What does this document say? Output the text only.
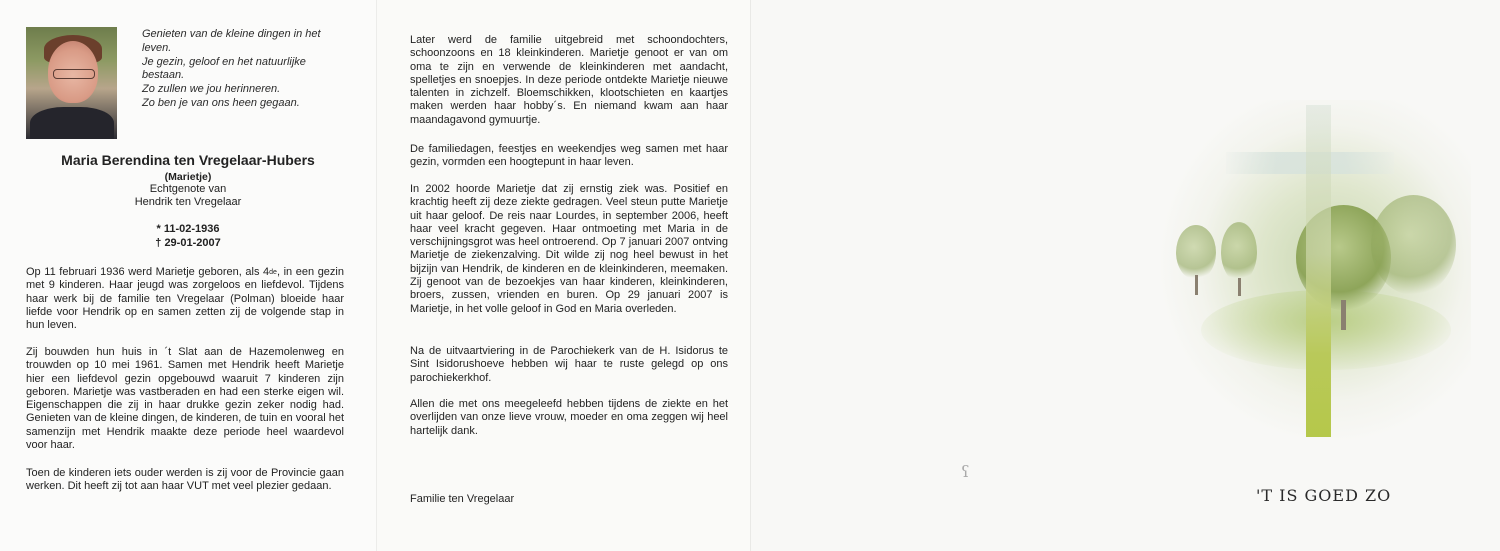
Genieten van de kleine dingen in het
leven.
Je gezin, geloof en het natuurlijke
bestaan.
Zo zullen we jou herinneren.
Zo ben je van ons heen gegaan.
Maria Berendina ten Vregelaar-Hubers
(Marietje)
Echtgenote van
Hendrik ten Vregelaar
* 11-02-1936
† 29-01-2007
Op 11 februari 1936 werd Marietje geboren, als 4de, in een gezin met 9 kinderen. Haar jeugd was zorgeloos en liefdevol. Tijdens haar werk bij de familie ten Vregelaar (Polman) bloeide haar liefde voor Hendrik op en samen zetten zij de volgende stap in hun leven.
Zij bouwden hun huis in ´t Slat aan de Hazemolenweg en trouwden op 10 mei 1961. Samen met Hendrik heeft Marietje hier een liefdevol gezin opgebouwd waaruit 7 kinderen zijn geboren. Marietje was vastberaden en had een sterke eigen wil. Eigenschappen die zij in haar drukke gezin zeker nodig had. Genieten van de kleine dingen, de kinderen, de tuin en vooral het samenzijn met Hendrik maakte deze periode heel waardevol voor haar.
Toen de kinderen iets ouder werden is zij voor de Provincie gaan werken. Dit heeft zij tot aan haar VUT met veel plezier gedaan.
Later werd de familie uitgebreid met schoondochters, schoonzoons en 18 kleinkinderen. Marietje genoot er van om oma te zijn en verwende de kleinkinderen met aandacht, spelletjes en snoepjes. In deze periode ontdekte Marietje nieuwe talenten in zichzelf. Bloemschikken, klootschieten en kaartjes maken werden haar hobby´s. En niemand kwam aan haar maandagavond gymuurtje.
De familiedagen, feestjes en weekendjes weg samen met haar gezin, vormden een hoogtepunt in haar leven.
In 2002 hoorde Marietje dat zij ernstig ziek was. Positief en krachtig heeft zij deze ziekte gedragen. Veel steun putte Marietje uit haar geloof. De reis naar Lourdes, in september 2006, heeft haar veel kracht gegeven. Haar ontmoeting met Maria in de verschijningsgrot was heel ontroerend. Op 7 januari 2007 ontving Marietje de ziekenzalving. Dit wilde zij nog heel bewust in het bijzijn van Hendrik, de kinderen en de kleinkinderen, meemaken. Zij genoot van de bezoekjes van haar kinderen, kleinkinderen, broers, zussen, vrienden en buren. Op 29 januari 2007 is Marietje, in het volle geloof in God en Maria overleden.
Na de uitvaartviering in de Parochiekerk van de H. Isidorus te Sint Isidorushoeve hebben wij haar te ruste gelegd op ons parochiekerkhof.
Allen die met ons meegeleefd hebben tijdens de ziekte en het overlijden van onze lieve vrouw, moeder en oma zeggen wij heel hartelijk dank.
Familie ten Vregelaar
ʕ
'T IS GOED ZO
